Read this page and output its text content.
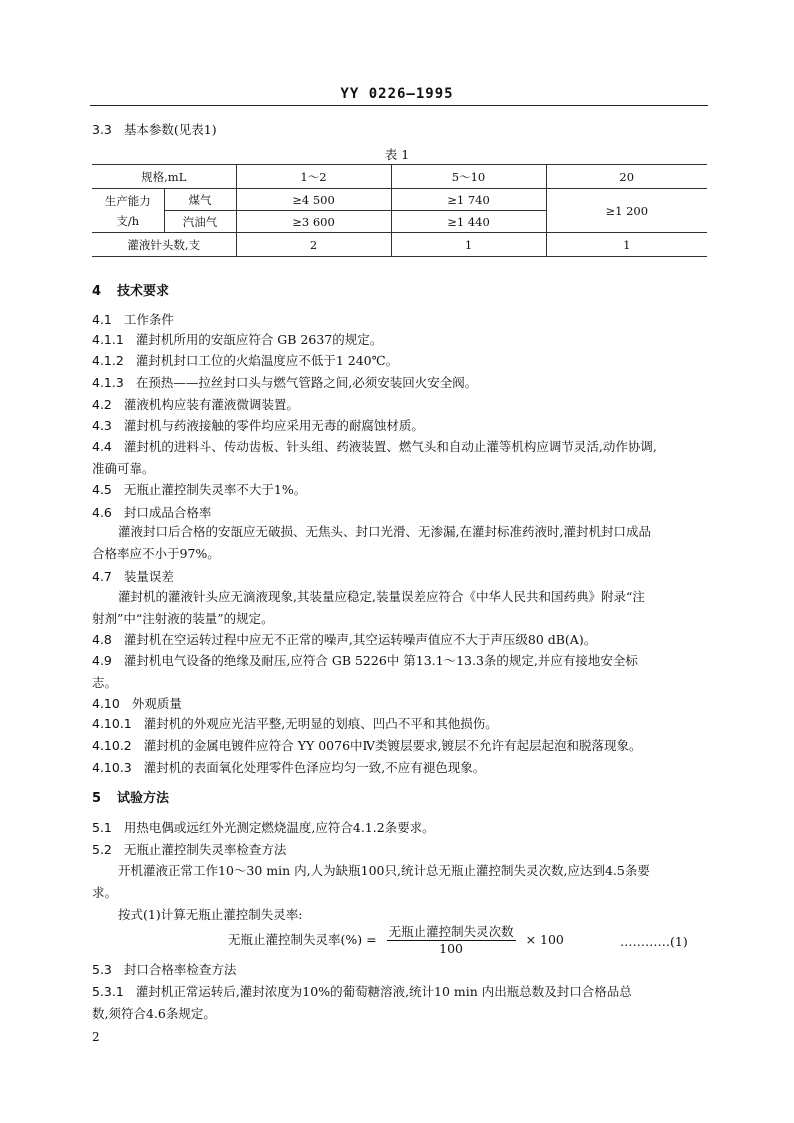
YY 0226—1995
3.3 基本参数(见表1)
表 1
规格,mL		1～2	5～10	20
生产能力支/h	煤气	≥4 500	≥1 740	≥1 200
	汽油气	≥3 600	≥1 440	
灌液针头数,支		2	1	1
4 技术要求
4.1 工作条件
4.1.1 灌封机所用的安瓿应符合 GB 2637的规定。
4.1.2 灌封机封口工位的火焰温度应不低于1 240℃。
4.1.3 在预热——拉丝封口头与燃气管路之间,必须安装回火安全阀。
4.2 灌液机构应装有灌液微调装置。
4.3 灌封机与药液接触的零件均应采用无毒的耐腐蚀材质。
4.4 灌封机的进料斗、传动齿板、针头组、药液装置、燃气头和自动止灌等机构应调节灵活,动作协调,
准确可靠。
4.5 无瓶止灌控制失灵率不大于1%。
4.6 封口成品合格率
灌液封口后合格的安瓿应无破损、无焦头、封口光滑、无渗漏,在灌封标准药液时,灌封机封口成品
合格率应不小于97%。
4.7 装量误差
灌封机的灌液针头应无滴液现象,其装量应稳定,装量误差应符合《中华人民共和国药典》附录“注
射剂”中“注射液的装量”的规定。
4.8 灌封机在空运转过程中应无不正常的噪声,其空运转噪声值应不大于声压级80 dB(A)。
4.9 灌封机电气设备的绝缘及耐压,应符合 GB 5226中 第13.1～13.3条的规定,并应有接地安全标
志。
4.10 外观质量
4.10.1 灌封机的外观应光洁平整,无明显的划痕、凹凸不平和其他损伤。
4.10.2 灌封机的金属电镀件应符合 YY 0076中Ⅳ类镀层要求,镀层不允许有起层起泡和脱落现象。
4.10.3 灌封机的表面氧化处理零件色泽应均匀一致,不应有褪色现象。
5 试验方法
5.1 用热电偶或远红外光测定燃烧温度,应符合4.1.2条要求。
5.2 无瓶止灌控制失灵率检查方法
开机灌液正常工作10～30 min 内,人为缺瓶100只,统计总无瓶止灌控制失灵次数,应达到4.5条要
求。
按式(1)计算无瓶止灌控制失灵率:
5.3 封口合格率检查方法
5.3.1 灌封机正常运转后,灌封浓度为10%的葡萄糖溶液,统计10 min 内出瓶总数及封口合格品总
数,须符合4.6条规定。
无瓶止灌控制失灵率(%) = $\frac{\text{无瓶止灌控制失灵次数}}{100} \times 100$	…………(1)
2
